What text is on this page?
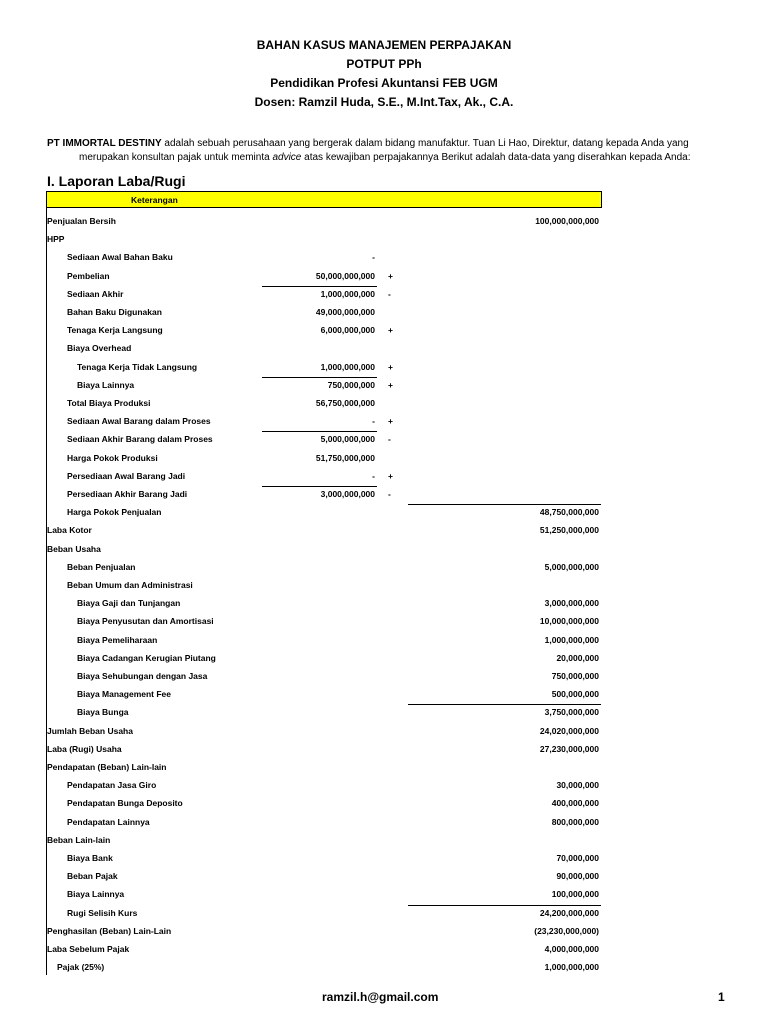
BAHAN KASUS MANAJEMEN PERPAJAKAN
POTPUT PPh
Pendidikan Profesi Akuntansi FEB UGM
Dosen: Ramzil Huda, S.E., M.Int.Tax, Ak., C.A.
PT IMMORTAL DESTINY adalah sebuah perusahaan yang bergerak dalam bidang manufaktur. Tuan Li Hao, Direktur, datang kepada Anda yang
merupakan konsultan pajak untuk meminta advice atas kewajiban perpajakannya Berikut adalah data-data yang diserahkan kepada Anda:
I. Laporan Laba/Rugi
Keterangan
Penjualan Bersih	100,000,000,000
HPP
Sediaan Awal Bahan Baku	-
Pembelian	50,000,000,000 +
Sediaan Akhir	1,000,000,000 -
Bahan Baku Digunakan	49,000,000,000
Tenaga Kerja Langsung	6,000,000,000 +
Biaya Overhead
Tenaga Kerja Tidak Langsung	1,000,000,000 +
Biaya Lainnya	750,000,000 +
Total Biaya Produksi	56,750,000,000
Sediaan Awal Barang dalam Proses	- +
Sediaan Akhir Barang dalam Proses	5,000,000,000 -
Harga Pokok Produksi	51,750,000,000
Persediaan Awal Barang Jadi	- +
Persediaan Akhir Barang Jadi	3,000,000,000 -
Harga Pokok Penjualan	48,750,000,000
Laba Kotor	51,250,000,000
Beban Usaha
Beban Penjualan	5,000,000,000
Beban Umum dan Administrasi
Biaya Gaji dan Tunjangan	3,000,000,000
Biaya Penyusutan dan Amortisasi	10,000,000,000
Biaya Pemeliharaan	1,000,000,000
Biaya Cadangan Kerugian Piutang	20,000,000
Biaya Sehubungan dengan Jasa	750,000,000
Biaya Management Fee	500,000,000
Biaya Bunga	3,750,000,000
Jumlah Beban Usaha	24,020,000,000
Laba (Rugi) Usaha	27,230,000,000
Pendapatan (Beban) Lain-lain
Pendapatan Jasa Giro	30,000,000
Pendapatan Bunga Deposito	400,000,000
Pendapatan Lainnya	800,000,000
Beban Lain-lain
Biaya Bank	70,000,000
Beban Pajak	90,000,000
Biaya Lainnya	100,000,000
Rugi Selisih Kurs	24,200,000,000
Penghasilan (Beban) Lain-Lain	(23,230,000,000)
Laba Sebelum Pajak	4,000,000,000
Pajak (25%)	1,000,000,000
ramzil.h@gmail.com	1
